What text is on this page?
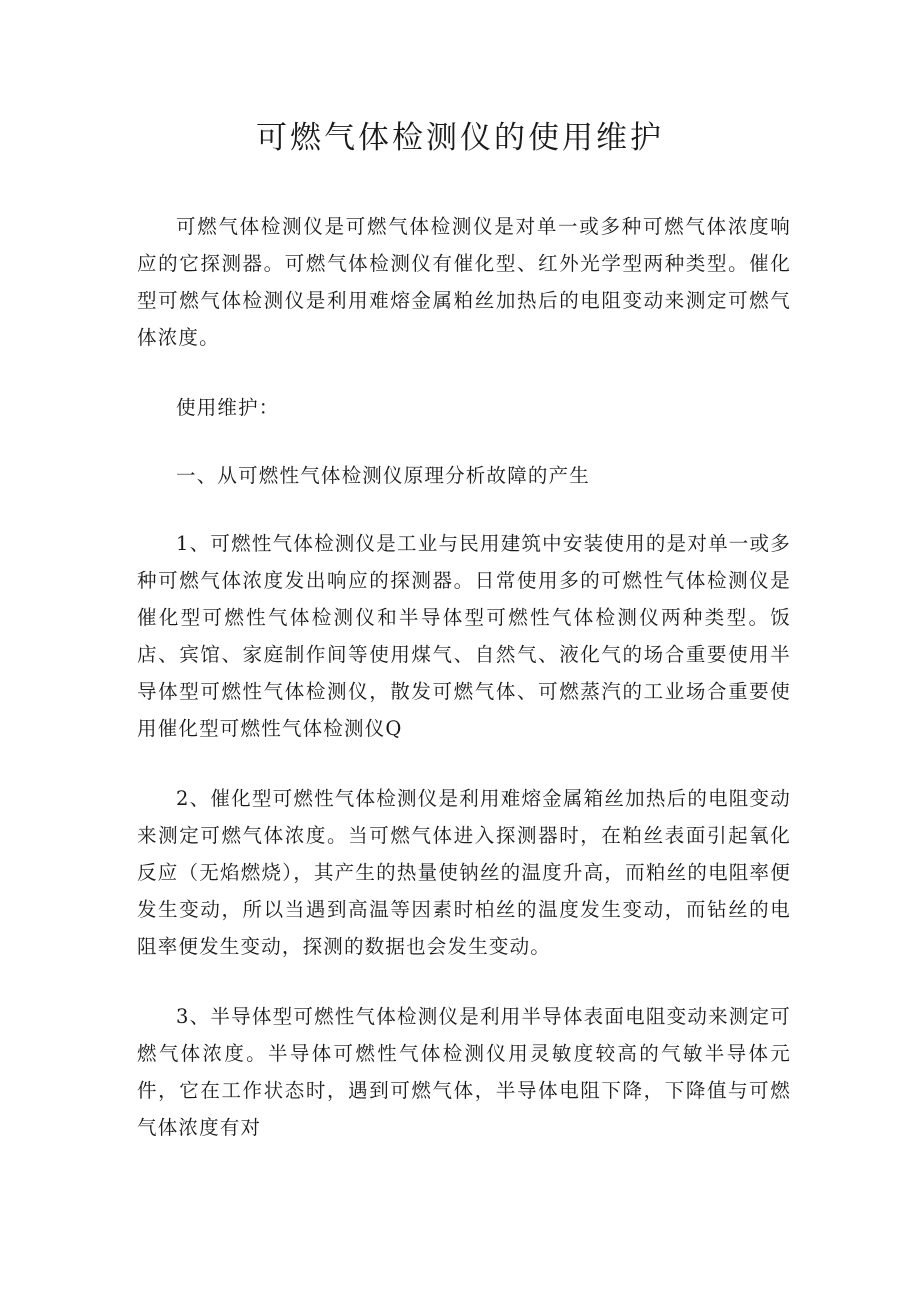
可燃气体检测仪的使用维护

可燃气体检测仪是可燃气体检测仪是对单一或多种可燃气体浓度响应的它探测器。可燃气体检测仪有催化型、红外光学型两种类型。催化型可燃气体检测仪是利用难熔金属粕丝加热后的电阻变动来测定可燃气体浓度。

使用维护：

一、从可燃性气体检测仪原理分析故障的产生

1、可燃性气体检测仪是工业与民用建筑中安装使用的是对单一或多种可燃气体浓度发出响应的探测器。日常使用多的可燃性气体检测仪是催化型可燃性气体检测仪和半导体型可燃性气体检测仪两种类型。饭店、宾馆、家庭制作间等使用煤气、自然气、液化气的场合重要使用半导体型可燃性气体检测仪，散发可燃气体、可燃蒸汽的工业场合重要使用催化型可燃性气体检测仪Q

2、催化型可燃性气体检测仪是利用难熔金属箱丝加热后的电阻变动来测定可燃气体浓度。当可燃气体进入探测器时，在粕丝表面引起氧化反应（无焰燃烧），其产生的热量使钠丝的温度升高，而粕丝的电阻率便发生变动，所以当遇到高温等因素时柏丝的温度发生变动，而钻丝的电阻率便发生变动，探测的数据也会发生变动。

3、半导体型可燃性气体检测仪是利用半导体表面电阻变动来测定可燃气体浓度。半导体可燃性气体检测仪用灵敏度较高的气敏半导体元件，它在工作状态时，遇到可燃气体，半导体电阻下降，下降值与可燃气体浓度有对
